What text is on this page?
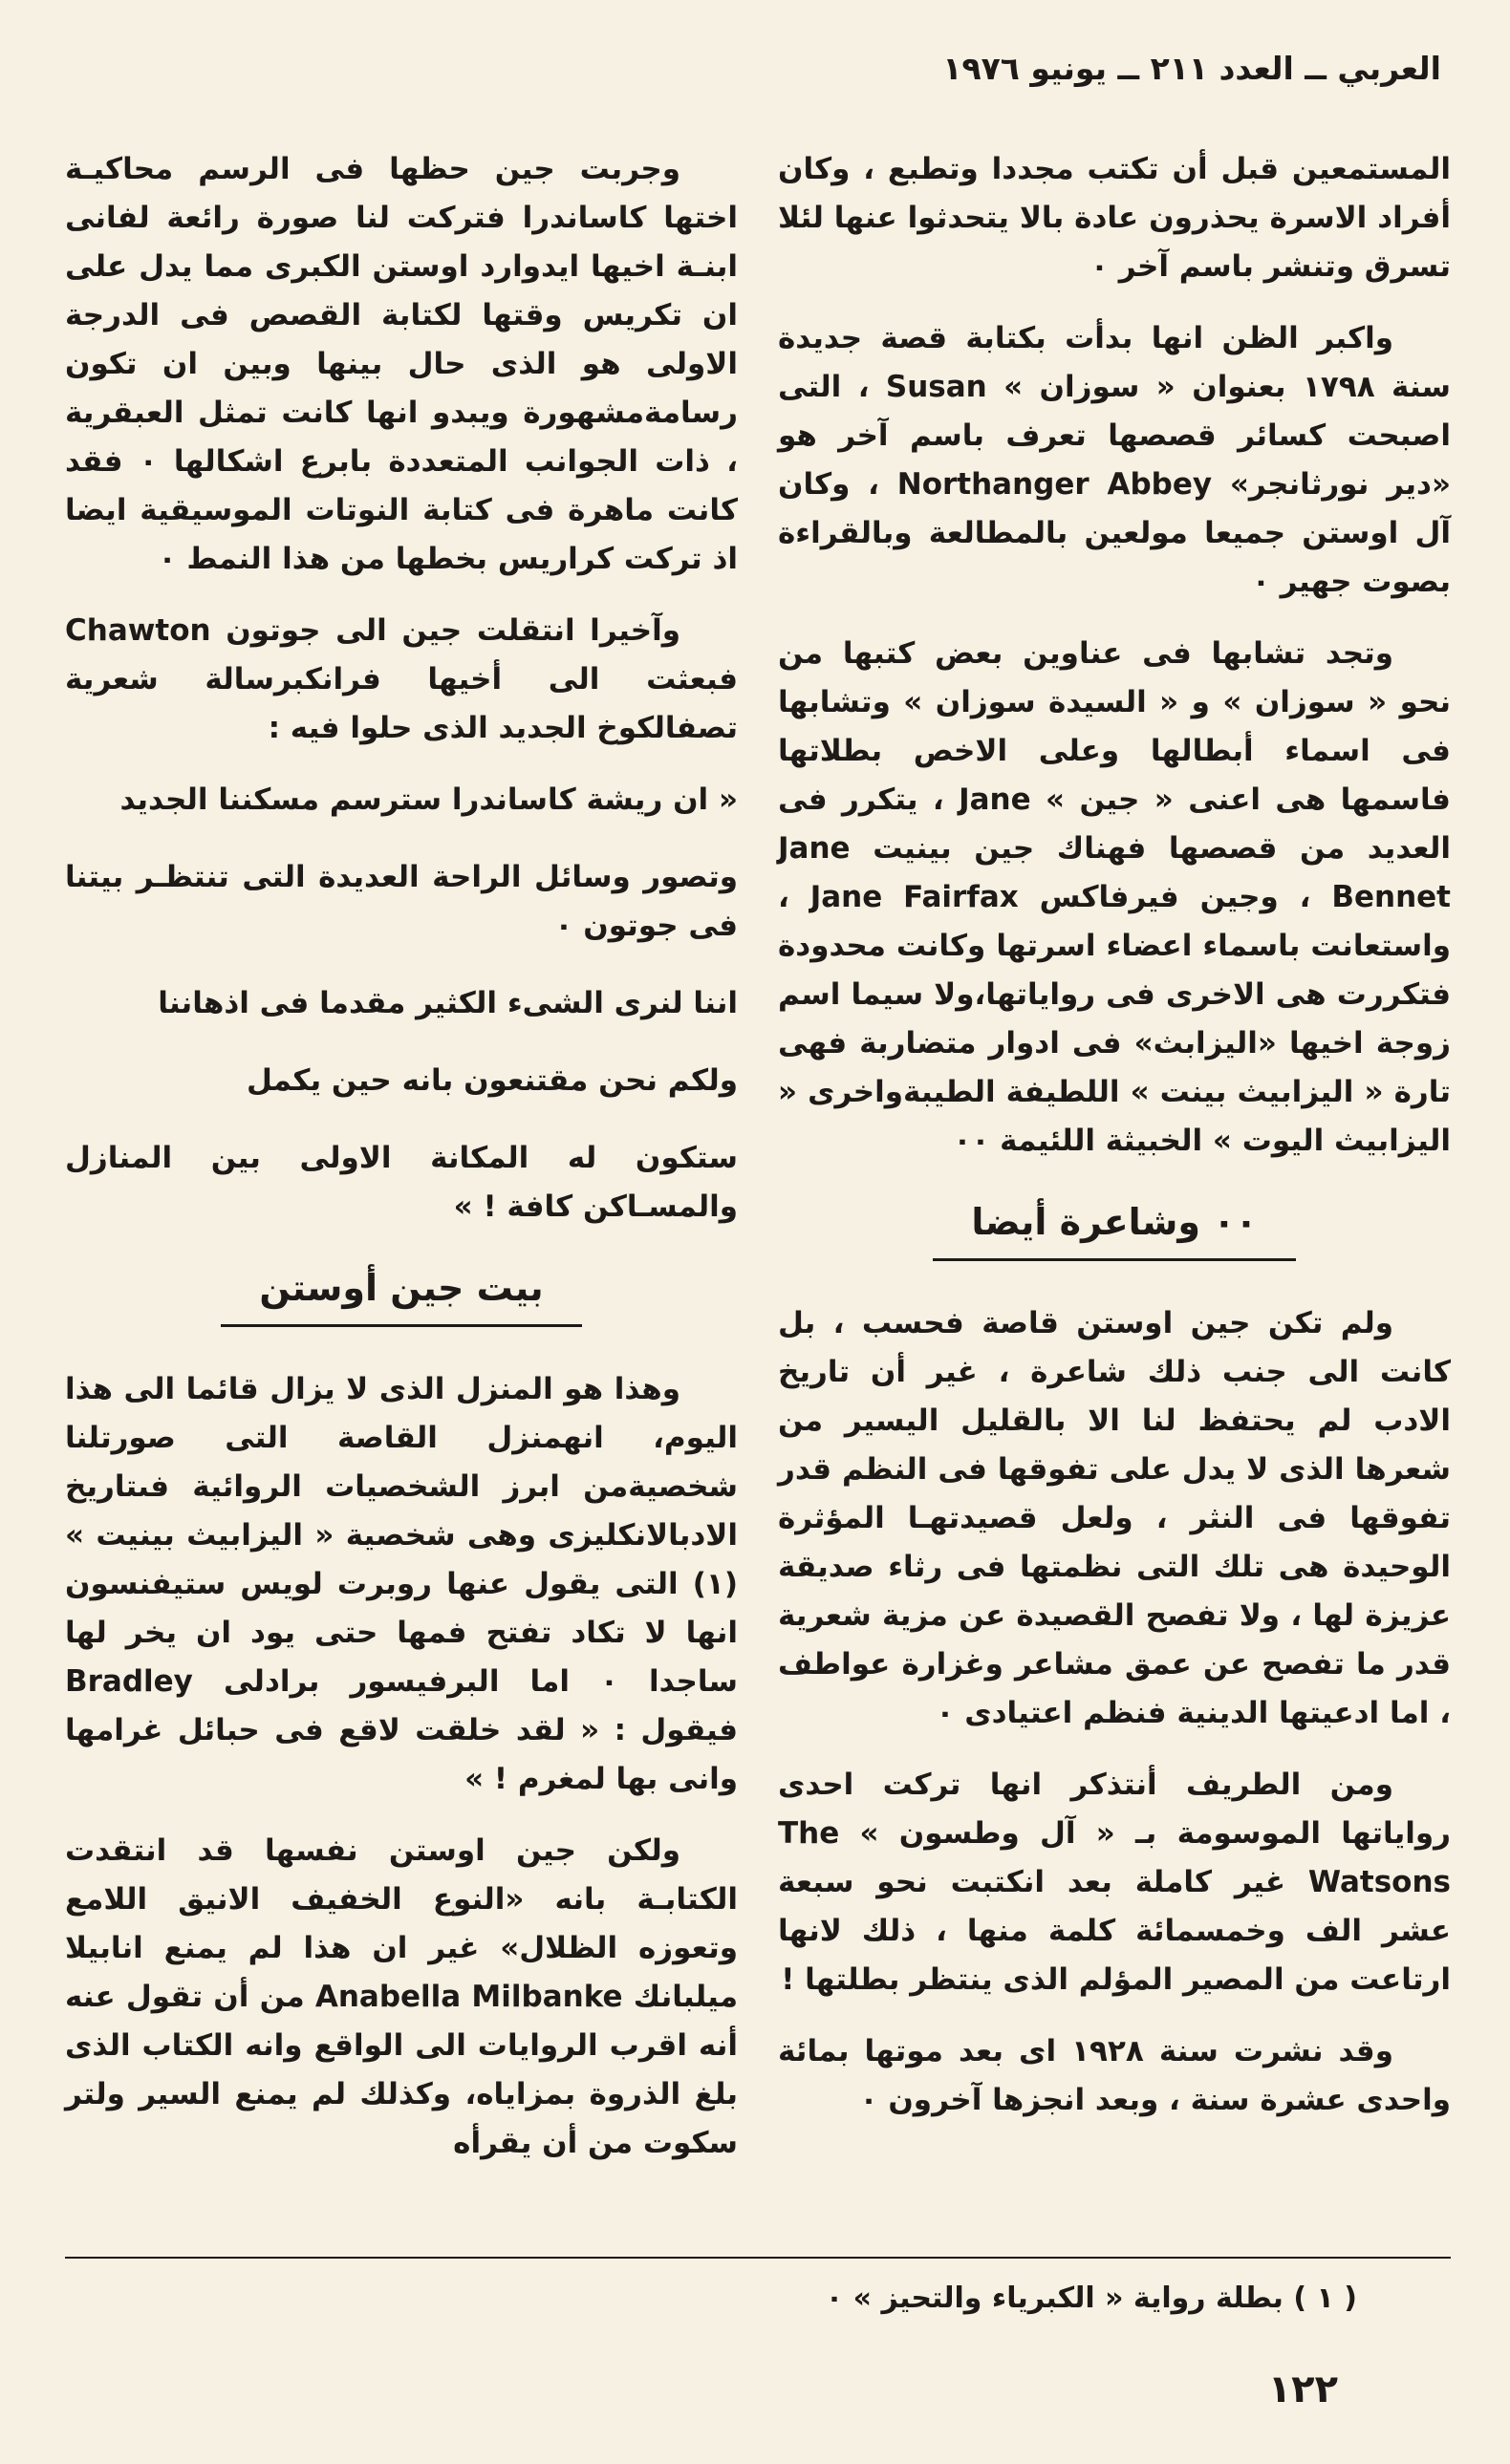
العربي ــ العدد ٢١١ ــ يونيو ١٩٧٦

المستمعين قبل أن تكتب مجددا وتطبع ، وكان أفراد الاسرة يحذرون عادة بالا يتحدثوا عنها لئلا تسرق وتنشر باسم آخر ٠

واكبر الظن انها بدأت بكتابة قصة جديدة سنة ١٧٩٨ بعنوان « سوزان » Susan ، التى اصبحت كسائر قصصها تعرف باسم آخر هو «دير نورثانجر» Northanger Abbey ، وكان آل اوستن جميعا مولعين بالمطالعة وبالقراءة بصوت جهير ٠

وتجد تشابها فى عناوين بعض كتبها من نحو « سوزان » و « السيدة سوزان » وتشابها فى اسماء أبطالها وعلى الاخص بطلاتها فاسمها هى اعنى « جين » Jane ، يتكرر فى العديد من قصصها فهناك جين بينيت Jane Bennet ، وجين فيرفاكس Jane Fairfax ، واستعانت باسماء اعضاء اسرتها وكانت محدودة فتكررت هى الاخرى فى رواياتها،ولا سيما اسم زوجة اخيها «اليزابث» فى ادوار متضاربة فهى تارة « اليزابيث بينت » اللطيفة الطيبةواخرى « اليزابيث اليوت » الخبيثة اللئيمة ٠٠

٠٠ وشاعرة أيضا

ولم تكن جين اوستن قاصة فحسب ، بل كانت الى جنب ذلك شاعرة ، غير أن تاريخ الادب لم يحتفظ لنا الا بالقليل اليسير من شعرها الذى لا يدل على تفوقها فى النظم قدر تفوقها فى النثر ، ولعل قصيدتهـا المؤثرة الوحيدة هى تلك التى نظمتها فى رثاء صديقة عزيزة لها ، ولا تفصح القصيدة عن مزية شعرية قدر ما تفصح عن عمق مشاعر وغزارة عواطف ، اما ادعيتها الدينية فنظم اعتيادى ٠

ومن الطريف أنتذكر انها تركت احدى رواياتها الموسومة بـ « آل وطسون » The Watsons غير كاملة بعد انكتبت نحو سبعة عشر الف وخمسمائة كلمة منها ، ذلك لانها ارتاعت من المصير المؤلم الذى ينتظر بطلتها !

وقد نشرت سنة ١٩٢٨ اى بعد موتها بمائة واحدى عشرة سنة ، وبعد انجزها آخرون ٠

وجربت جين حظها فى الرسم محاكيـة اختها كاساندرا فتركت لنا صورة رائعة لفانى ابنـة اخيها ايدوارد اوستن الكبرى مما يدل على ان تكريس وقتها لكتابة القصص فى الدرجة الاولى هو الذى حال بينها وبين ان تكون رسامةمشهورة ويبدو انها كانت تمثل العبقرية ، ذات الجوانب المتعددة بابرع اشكالها ٠ فقد كانت ماهرة فى كتابة النوتات الموسيقية ايضا اذ تركت كراريس بخطها من هذا النمط ٠

وآخيرا انتقلت جين الى جوتون Chawton فبعثت الى أخيها فرانكبرسالة شعرية تصفالكوخ الجديد الذى حلوا فيه :

« ان ريشة كاساندرا سترسم مسكننا الجديد

وتصور وسائل الراحة العديدة التى تنتظـر بيتنا فى جوتون ٠

اننا لنرى الشىء الكثير مقدما فى اذهاننا

ولكم نحن مقتنعون بانه حين يكمل

ستكون له المكانة الاولى بين المنازل والمسـاكن كافة ! »

بيت جين أوستن

وهذا هو المنزل الذى لا يزال قائما الى هذا اليوم، انهمنزل القاصة التى صورتلنا شخصيةمن ابرز الشخصيات الروائية فىتاريخ الادبالانكليزى وهى شخصية « اليزابيث بينيت » (١) التى يقول عنها روبرت لويس ستيفنسون انها لا تكاد تفتح فمها حتى يود ان يخر لها ساجدا ٠ اما البرفيسور برادلى Bradley فيقول : « لقد خلقت لاقع فى حبائل غرامها وانى بها لمغرم ! »

ولكن جين اوستن نفسها قد انتقدت الكتابـة بانه «النوع الخفيف الانيق اللامع وتعوزه الظلال» غير ان هذا لم يمنع انابيلا ميلبانك Anabella Milbanke من أن تقول عنه أنه اقرب الروايات الى الواقع وانه الكتاب الذى بلغ الذروة بمزاياه، وكذلك لم يمنع السير ولتر سكوت من أن يقرأه

( ١ ) بطلة رواية « الكبرياء والتحيز » ٠
١٢٢
